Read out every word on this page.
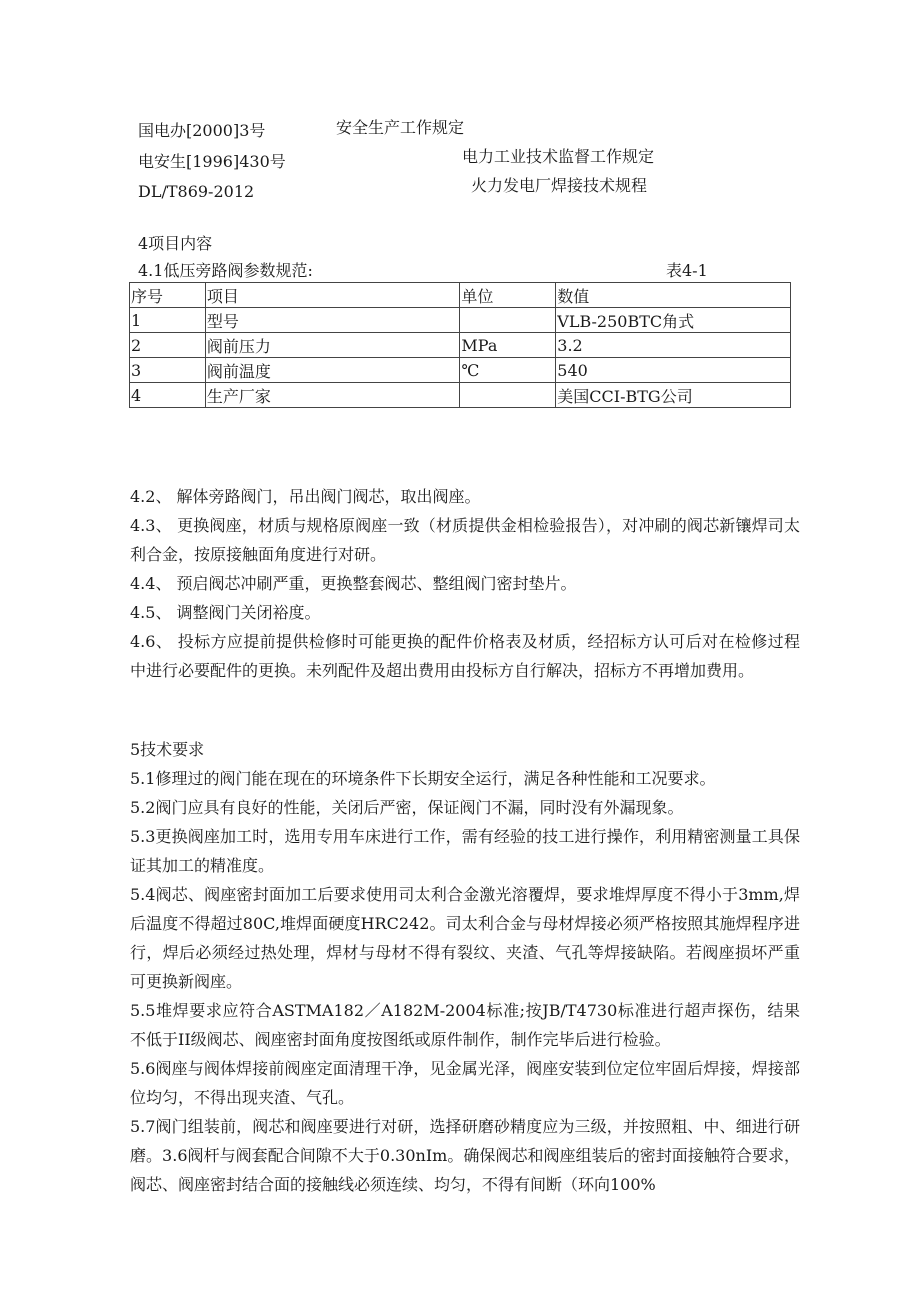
国电办[2000]3号	安全生产工作规定
电安生[1996]430号	电力工业技术监督工作规定
DL/T869-2012	火力发电厂焊接技术规程
4项目内容
4.1低压旁路阀参数规范:	表4-1
序号	项目	单位	数值
1	型号		VLB-250BTC角式
2	阀前压力	MPa	3.2
3	阀前温度	℃	540
4	生产厂家		美国CCI-BTG公司

4.2、 解体旁路阀门，吊出阀门阀芯，取出阀座。

4.3、 更换阀座，材质与规格原阀座一致（材质提供金相检验报告），对冲刷的阀芯新镶焊司太利合金，按原接触面角度进行对研。

4.4、 预启阀芯冲刷严重，更换整套阀芯、整组阀门密封垫片。

4.5、 调整阀门关闭裕度。

4.6、 投标方应提前提供检修时可能更换的配件价格表及材质，经招标方认可后对在检修过程中进行必要配件的更换。未列配件及超出费用由投标方自行解决，招标方不再增加费用。

5技术要求

5.1修理过的阀门能在现在的环境条件下长期安全运行，满足各种性能和工况要求。

5.2阀门应具有良好的性能，关闭后严密，保证阀门不漏，同时没有外漏现象。

5.3更换阀座加工时，选用专用车床进行工作，需有经验的技工进行操作，利用精密测量工具保证其加工的精准度。

5.4阀芯、阀座密封面加工后要求使用司太利合金激光溶覆焊，要求堆焊厚度不得小于3mm,焊后温度不得超过80C,堆焊面硬度HRC242。司太利合金与母材焊接必须严格按照其施焊程序进行，焊后必须经过热处理，焊材与母材不得有裂纹、夹渣、气孔等焊接缺陷。若阀座损坏严重可更换新阀座。

5.5堆焊要求应符合ASTMA182／A182M-2004标准;按JB/T4730标准进行超声探伤，结果不低于II级阀芯、阀座密封面角度按图纸或原件制作，制作完毕后进行检验。

5.6阀座与阀体焊接前阀座定面清理干净，见金属光泽，阀座安装到位定位牢固后焊接，焊接部位均匀，不得出现夹渣、气孔。

5.7阀门组装前，阀芯和阀座要进行对研，选择研磨砂精度应为三级，并按照粗、中、细进行研磨。3.6阀杆与阀套配合间隙不大于0.30nIm。确保阀芯和阀座组装后的密封面接触符合要求，阀芯、阀座密封结合面的接触线必须连续、均匀，不得有间断（环向100%
